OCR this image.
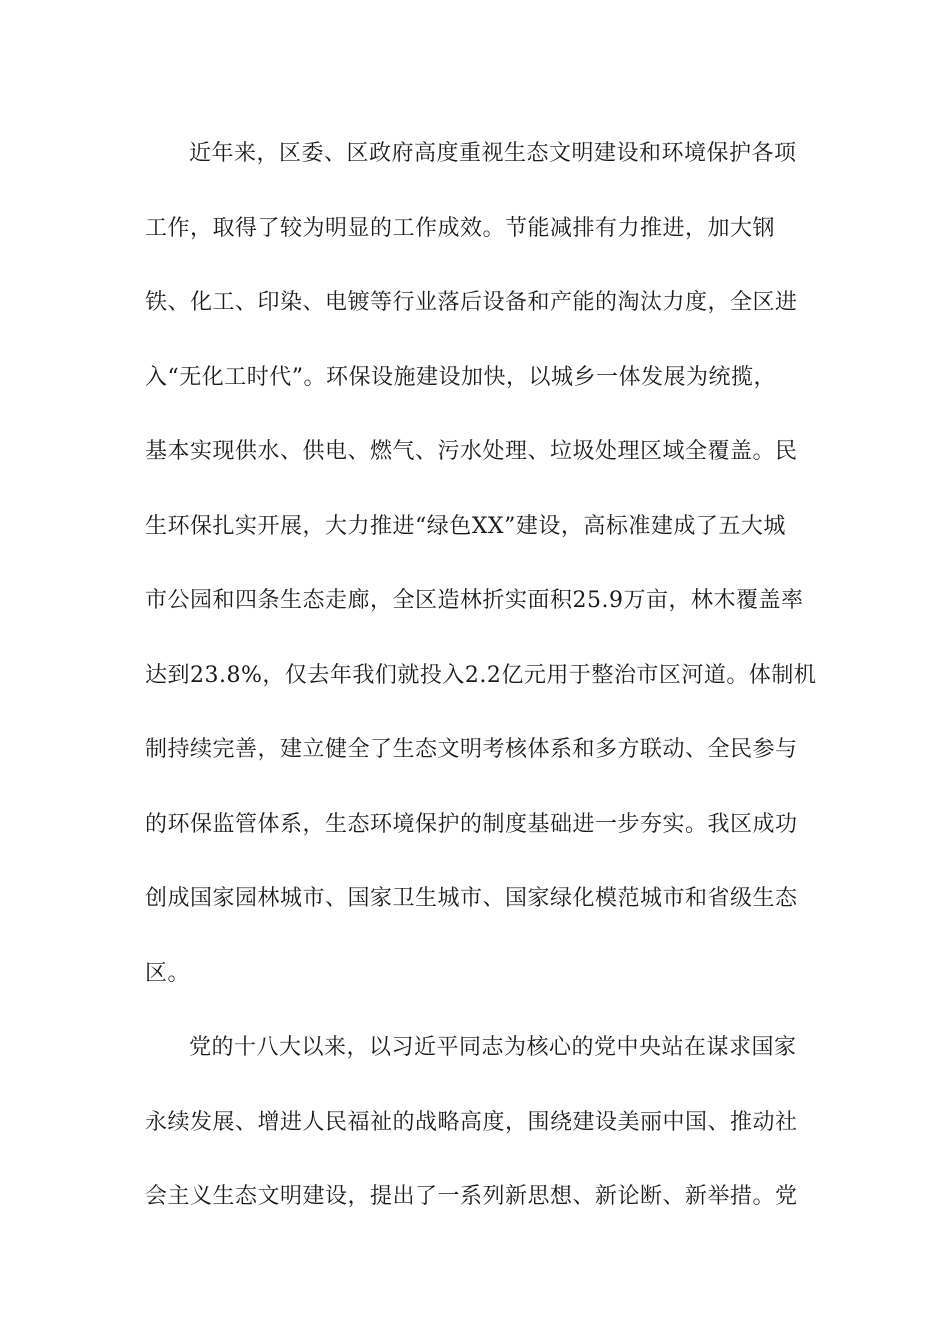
近年来，区委、区政府高度重视生态文明建设和环境保护各项
工作，取得了较为明显的工作成效。节能减排有力推进，加大钢
铁、化工、印染、电镀等行业落后设备和产能的淘汰力度，全区进
入“无化工时代”。环保设施建设加快，以城乡一体发展为统揽，
基本实现供水、供电、燃气、污水处理、垃圾处理区域全覆盖。民
生环保扎实开展，大力推进“绿色XX”建设，高标准建成了五大城
市公园和四条生态走廊，全区造林折实面积25.9万亩，林木覆盖率
达到23.8%，仅去年我们就投入2.2亿元用于整治市区河道。体制机
制持续完善，建立健全了生态文明考核体系和多方联动、全民参与
的环保监管体系，生态环境保护的制度基础进一步夯实。我区成功
创成国家园林城市、国家卫生城市、国家绿化模范城市和省级生态
区。
党的十八大以来，以习近平同志为核心的党中央站在谋求国家
永续发展、增进人民福祉的战略高度，围绕建设美丽中国、推动社
会主义生态文明建设，提出了一系列新思想、新论断、新举措。党
